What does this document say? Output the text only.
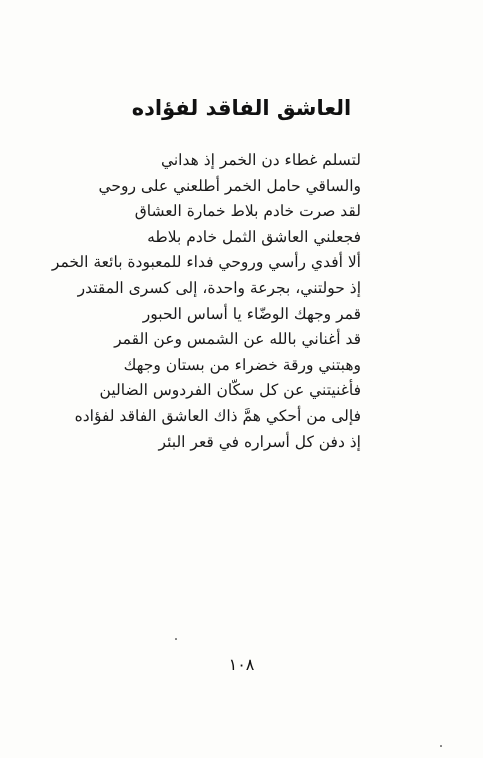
العاشق الفاقد لفؤاده
لتسلم غطاء دن الخمر إذ هداني
والساقي حامل الخمر أطلعني على روحي
لقد صرت خادم بلاط خمارة العشاق
فجعلني العاشق الثمل خادم بلاطه
ألا أفدي رأسي وروحي فداء للمعبودة بائعة الخمر
إذ حولتني، بجرعة واحدة، إلى كسرى المقتدر
قمر وجهك الوضّاء يا أساس الحبور
قد أغناني بالله عن الشمس وعن القمر
وهبتني ورقة خضراء من بستان وجهك
فأغنيتني عن كل سكّان الفردوس الضالين
فإلى من أحكي همَّ ذاك العاشق الفاقد لفؤاده
إذ دفن كل أسراره في قعر البئر
١٠٨
